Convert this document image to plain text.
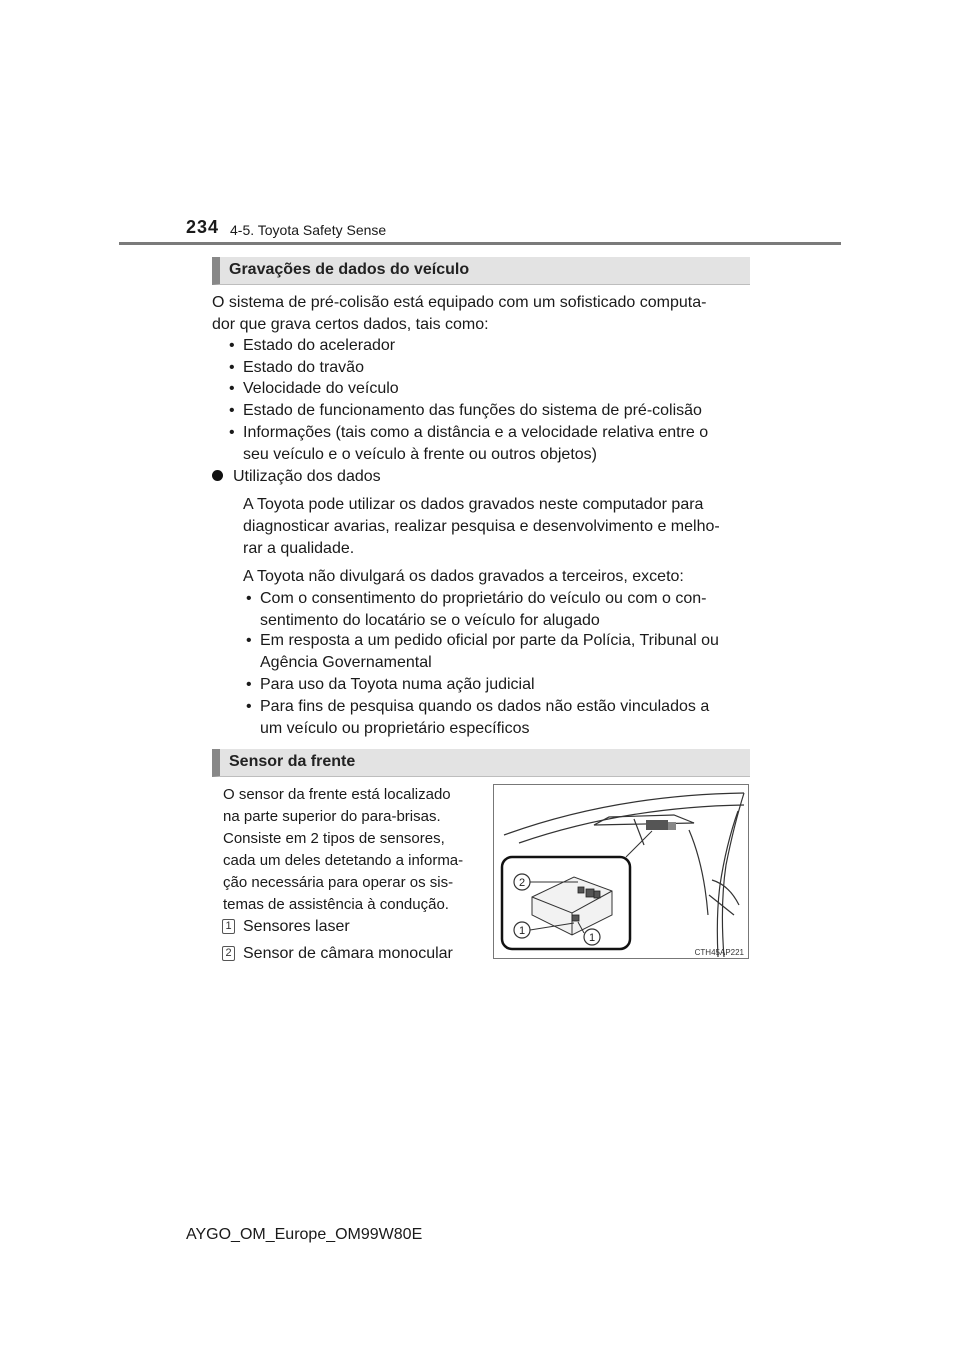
234 4-5. Toyota Safety Sense
Gravações de dados do veículo
O sistema de pré-colisão está equipado com um sofisticado computa-
dor que grava certos dados, tais como:
• Estado do acelerador
• Estado do travão
• Velocidade do veículo
• Estado de funcionamento das funções do sistema de pré-colisão
• Informações (tais como a distância e a velocidade relativa entre o
seu veículo e o veículo à frente ou outros objetos)
Utilização dos dados
A Toyota pode utilizar os dados gravados neste computador para
diagnosticar avarias, realizar pesquisa e desenvolvimento e melho-
rar a qualidade.
A Toyota não divulgará os dados gravados a terceiros, exceto:
• Com o consentimento do proprietário do veículo ou com o con-
sentimento do locatário se o veículo for alugado
• Em resposta a um pedido oficial por parte da Polícia, Tribunal ou
Agência Governamental
• Para uso da Toyota numa ação judicial
• Para fins de pesquisa quando os dados não estão vinculados a
um veículo ou proprietário específicos
Sensor da frente
O sensor da frente está localizado
na parte superior do para-brisas.
Consiste em 2 tipos de sensores,
cada um deles detetando a informa-
ção necessária para operar os sis-
temas de assistência à condução.
1 Sensores laser
2 Sensor de câmara monocular
2
1
1
CTH45AP221
AYGO_OM_Europe_OM99W80E
